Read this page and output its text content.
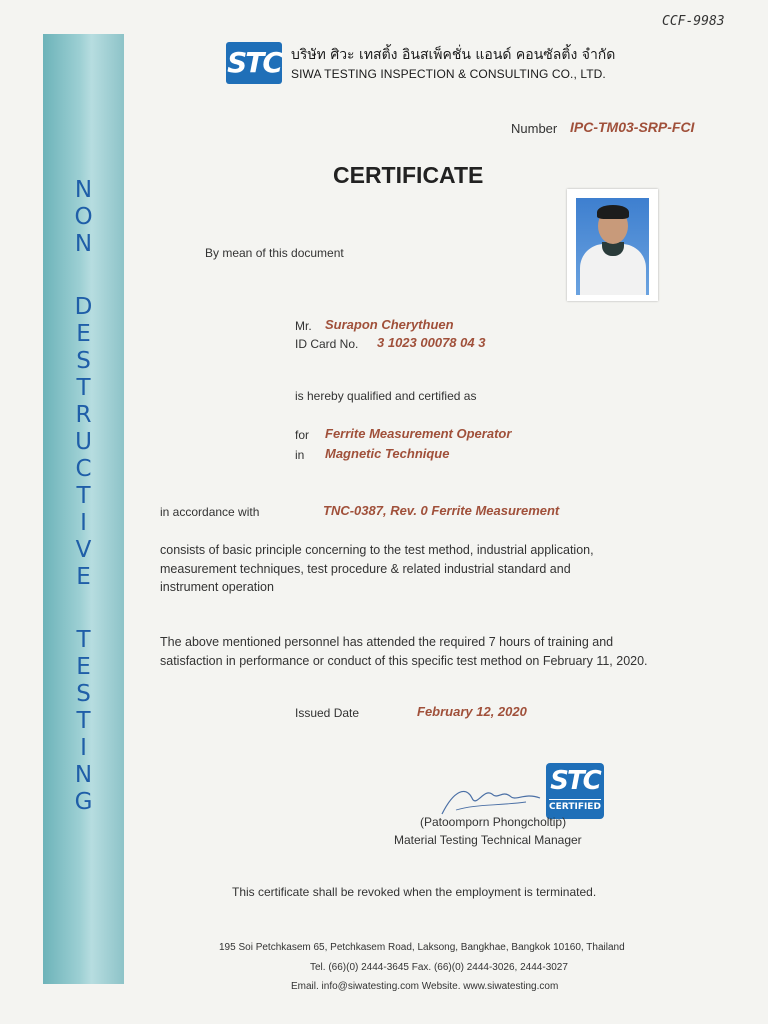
N
O
N
D
E
S
T
R
U
C
T
I
V
E
T
E
S
T
I
N
G
CCF-9983
STC บริษัท ศิวะ เทสติ้ง อินสเพ็คชั่น แอนด์ คอนซัลติ้ง จำกัด
SIWA TESTING INSPECTION & CONSULTING CO., LTD.
Number IPC-TM03-SRP-FCI
CERTIFICATE
By mean of this document
Mr. Surapon Cherythuen
ID Card No. 3 1023 00078 04 3
is hereby qualified and certified as
for Ferrite Measurement Operator
in Magnetic Technique
in accordance with	TNC-0387, Rev. 0 Ferrite Measurement
consists of basic principle concerning to the test method, industrial application,
measurement techniques, test procedure & related industrial standard and
instrument operation
The above mentioned personnel has attended the required 7 hours of training and
satisfaction in performance or conduct of this specific test method on February 11, 2020.
Issued Date	February 12, 2020
STC
CERTIFIED
(Patoomporn Phongcholtip)
Material Testing Technical Manager
This certificate shall be revoked when the employment is terminated.
195 Soi Petchkasem 65, Petchkasem Road, Laksong, Bangkhae, Bangkok 10160, Thailand
Tel. (66)(0) 2444-3645 Fax. (66)(0) 2444-3026, 2444-3027
Email. info@siwatesting.com Website. www.siwatesting.com
